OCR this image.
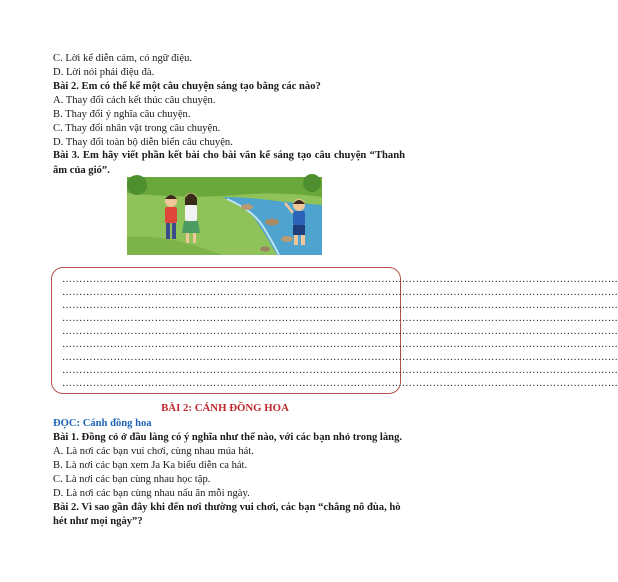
C. Lời kể diễn cảm, có ngữ điệu.
D. Lời nói phải điệu đà.
Bài 2. Em có thể kể một câu chuyện sáng tạo bằng các nào?
A. Thay đổi cách kết thúc câu chuyện.
B. Thay đổi ý nghĩa câu chuyện.
C. Thay đổi nhân vật trong câu chuyện.
D. Thay đổi toàn bộ diễn biến câu chuyện.
Bài 3. Em hãy viết phần kết bài cho bài văn kể sáng tạo câu chuyện “Thanh âm của gió”.
………………………………………………………………………………………………………………………………………………
………………………………………………………………………………………………………………………………………………
………………………………………………………………………………………………………………………………………………
………………………………………………………………………………………………………………………………………………
………………………………………………………………………………………………………………………………………………
………………………………………………………………………………………………………………………………………………
………………………………………………………………………………………………………………………………………………
………………………………………………………………………………………………………………………………………………
………………………………………………………………………………………………………………………………………………
BÀI 2: CÁNH ĐỒNG HOA
ĐỌC: Cánh đồng hoa
Bài 1. Đồng cỏ ở đầu làng có ý nghĩa như thế nào, với các bạn nhỏ trong làng.
A. Là nơi các bạn vui chơi, cùng nhau múa hát.
B. Là nơi các bạn xem Ja Ka biểu diễn ca hát.
C. Là nơi các bạn cùng nhau học tập.
D. Là nơi các bạn cùng nhau nấu ăn mỗi ngày.
Bài 2. Vì sao gần đây khi đến nơi thường vui chơi, các bạn “chẳng nô đùa, hò
hét như mọi ngày”?
